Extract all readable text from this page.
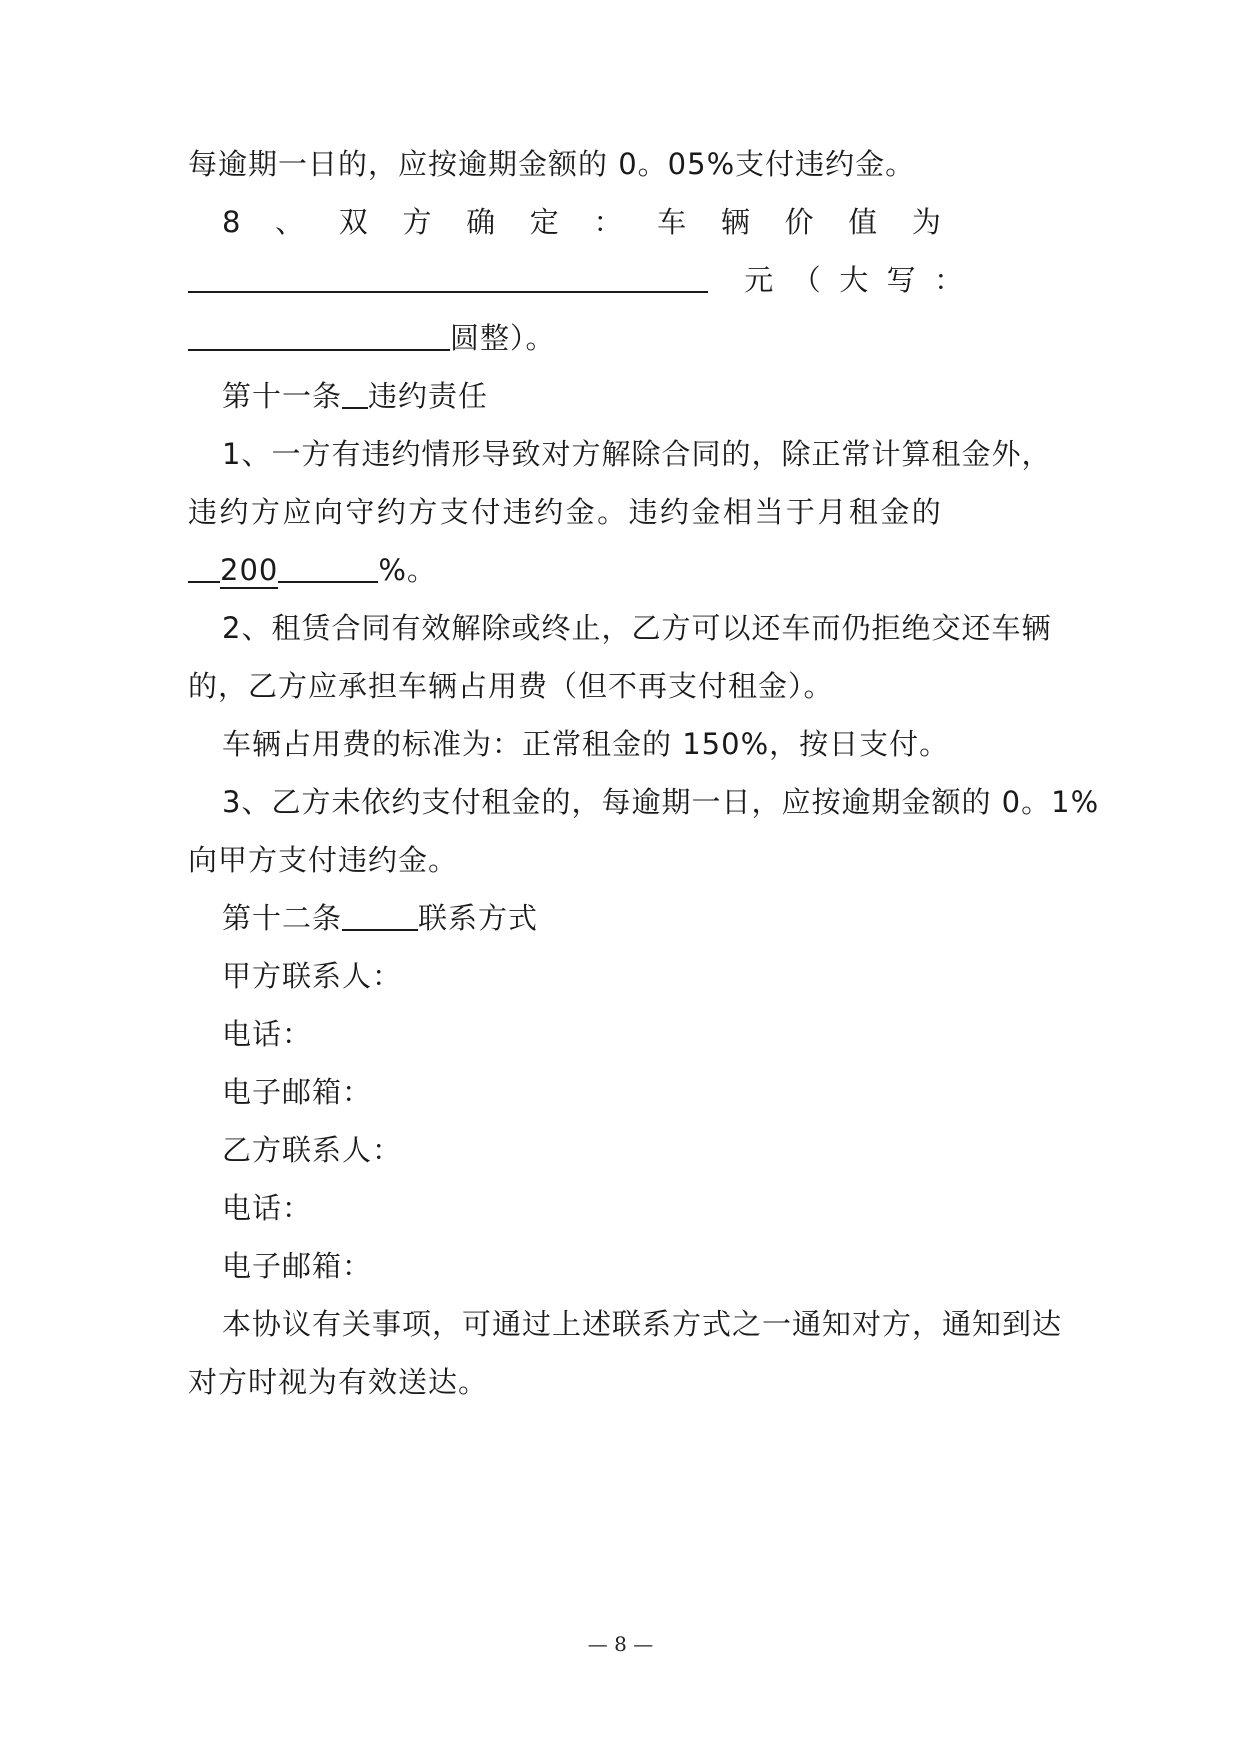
每逾期一日的，应按逾期金额的 0。05%支付违约金。
8 、 双 方 确 定 ： 车 辆 价 值 为

元 （ 大 写 ：
圆整）。
第十一条 违约责任
1、一方有违约情形导致对方解除合同的，除正常计算租金外，
违 约 方 应 向 守 约 方 支 付 违 约 金 。 违 约 金 相 当 于 月 租 金 的
200	%。
2、租赁合同有效解除或终止，乙方可以还车而仍拒绝交还车辆
的，乙方应承担车辆占用费（但不再支付租金）。
车辆占用费的标准为：正常租金的 150%，按日支付。
3、乙方未依约支付租金的，每逾期一日，应按逾期金额的 0。1%
向甲方支付违约金。
第十二条	联系方式
甲方联系人：
电话：
电子邮箱：
乙方联系人：
电话：
电子邮箱：
本协议有关事项，可通过上述联系方式之一通知对方，通知到达
对方时视为有效送达。
— 8 —
